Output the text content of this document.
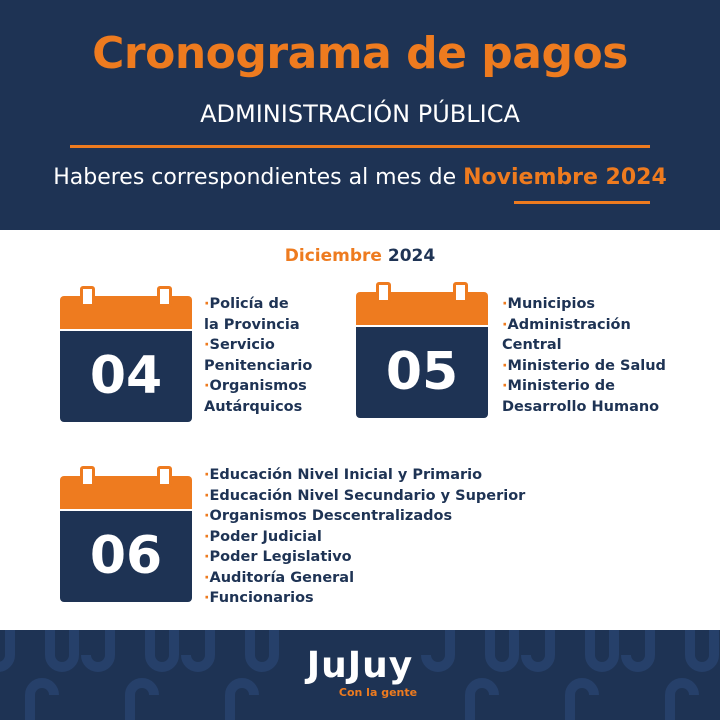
Cronograma de pagos
ADMINISTRACIÓN PÚBLICA
Haberes correspondientes al mes de Noviembre 2024
Diciembre 2024
04
·Policía de
la Provincia
·Servicio
Penitenciario
·Organismos
Autárquicos
05
·Municipios
·Administración
Central
·Ministerio de Salud
·Ministerio de
Desarrollo Humano
06
·Educación Nivel Inicial y Primario
·Educación Nivel Secundario y Superior
·Organismos Descentralizados
·Poder Judicial
·Poder Legislativo
·Auditoría General
·Funcionarios
JuJuy
Con la gente
